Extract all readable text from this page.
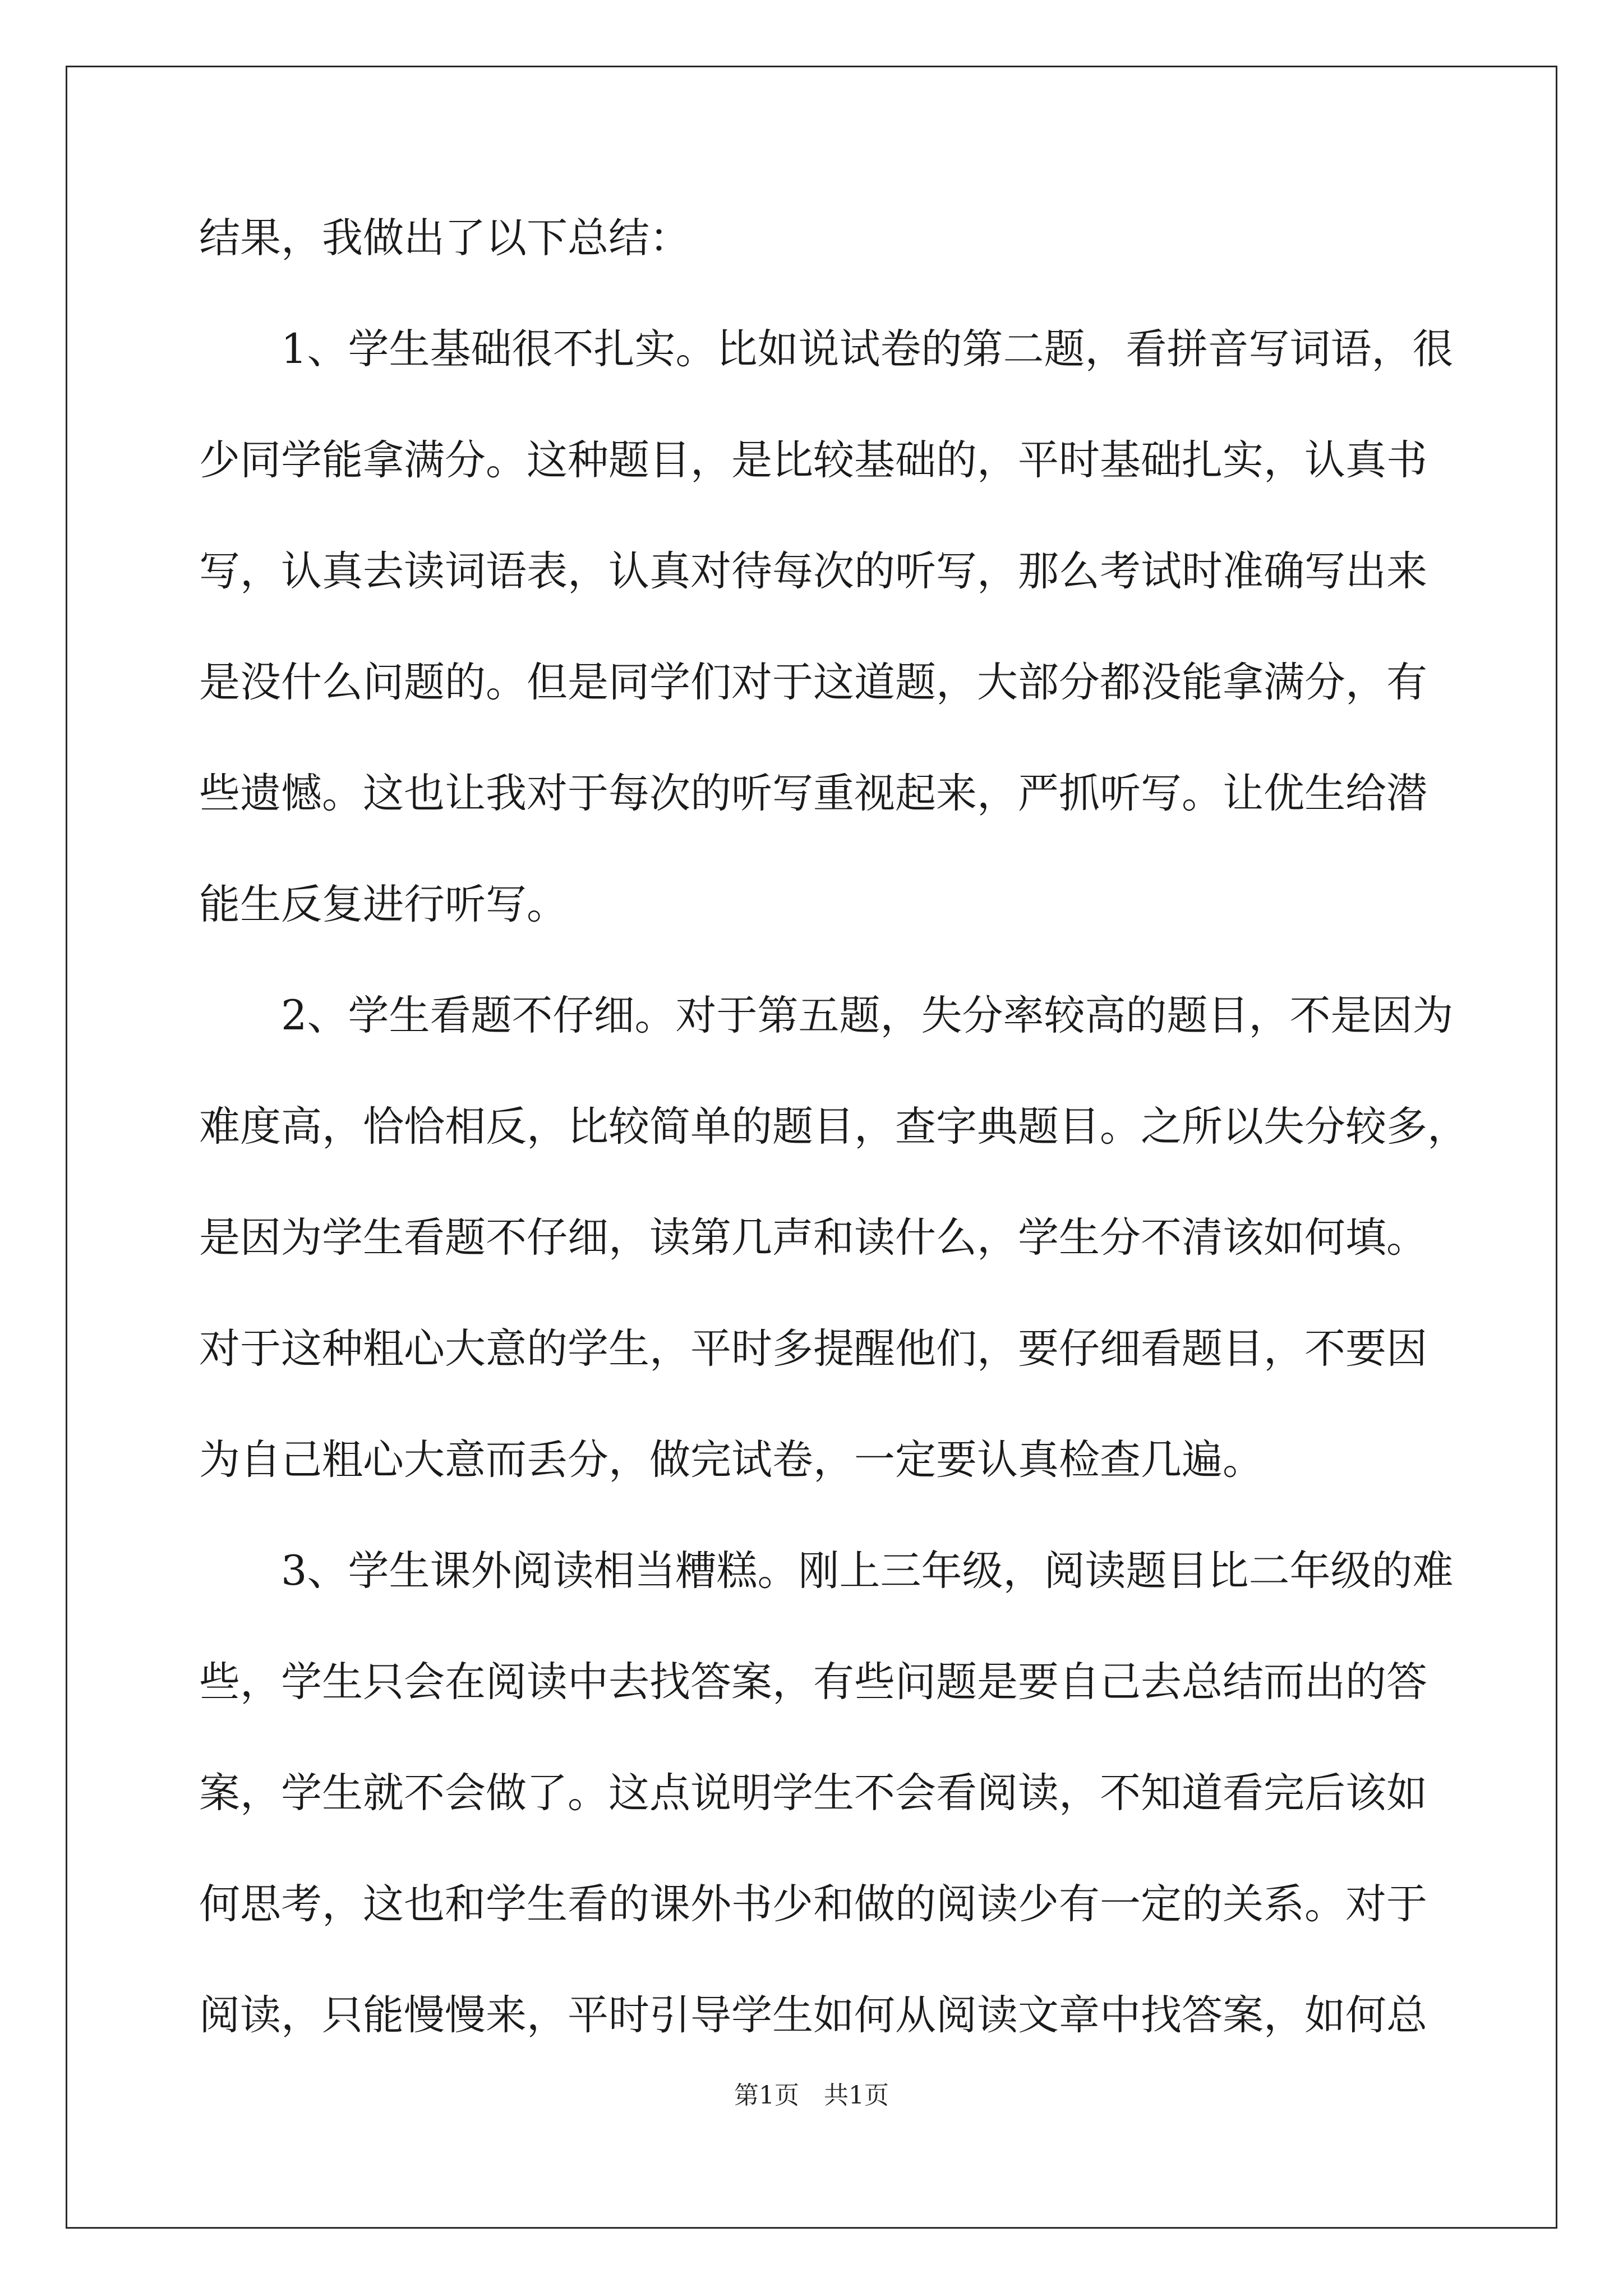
结果，我做出了以下总结：
　　1、学生基础很不扎实。比如说试卷的第二题，看拼音写词语，很
少同学能拿满分。这种题目，是比较基础的，平时基础扎实，认真书
写，认真去读词语表，认真对待每次的听写，那么考试时准确写出来
是没什么问题的。但是同学们对于这道题，大部分都没能拿满分，有
些遗憾。这也让我对于每次的听写重视起来，严抓听写。让优生给潜
能生反复进行听写。
　　2、学生看题不仔细。对于第五题，失分率较高的题目，不是因为
难度高，恰恰相反，比较简单的题目，查字典题目。之所以失分较多，
是因为学生看题不仔细，读第几声和读什么，学生分不清该如何填。
对于这种粗心大意的学生，平时多提醒他们，要仔细看题目，不要因
为自己粗心大意而丢分，做完试卷，一定要认真检查几遍。
　　3、学生课外阅读相当糟糕。刚上三年级，阅读题目比二年级的难
些，学生只会在阅读中去找答案，有些问题是要自己去总结而出的答
案，学生就不会做了。这点说明学生不会看阅读，不知道看完后该如
何思考，这也和学生看的课外书少和做的阅读少有一定的关系。对于
阅读，只能慢慢来，平时引导学生如何从阅读文章中找答案，如何总
第1页　共1页
